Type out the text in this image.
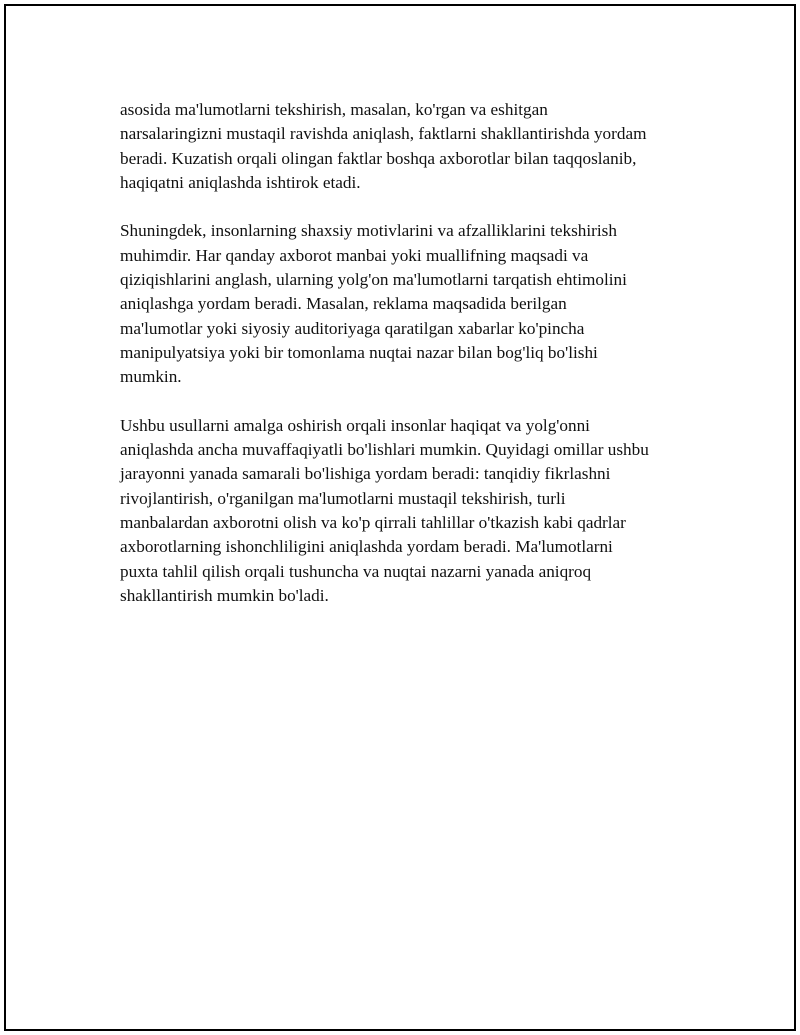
asosida ma'lumotlarni tekshirish, masalan, ko'rgan va eshitgan
narsalaringizni mustaqil ravishda aniqlash, faktlarni shakllantirishda yordam
beradi. Kuzatish orqali olingan faktlar boshqa axborotlar bilan taqqoslanib,
haqiqatni aniqlashda ishtirok etadi.

Shuningdek, insonlarning shaxsiy motivlarini va afzalliklarini tekshirish
muhimdir. Har qanday axborot manbai yoki muallifning maqsadi va
qiziqishlarini anglash, ularning yolg'on ma'lumotlarni tarqatish ehtimolini
aniqlashga yordam beradi. Masalan, reklama maqsadida berilgan
ma'lumotlar yoki siyosiy auditoriyaga qaratilgan xabarlar ko'pincha
manipulyatsiya yoki bir tomonlama nuqtai nazar bilan bog'liq bo'lishi
mumkin.

Ushbu usullarni amalga oshirish orqali insonlar haqiqat va yolg'onni
aniqlashda ancha muvaffaqiyatli bo'lishlari mumkin. Quyidagi omillar ushbu
jarayonni yanada samarali bo'lishiga yordam beradi: tanqidiy fikrlashni
rivojlantirish, o'rganilgan ma'lumotlarni mustaqil tekshirish, turli
manbalardan axborotni olish va ko'p qirrali tahlillar o'tkazish kabi qadrlar
axborotlarning ishonchliligini aniqlashda yordam beradi. Ma'lumotlarni
puxta tahlil qilish orqali tushuncha va nuqtai nazarni yanada aniqroq
shakllantirish mumkin bo'ladi.
